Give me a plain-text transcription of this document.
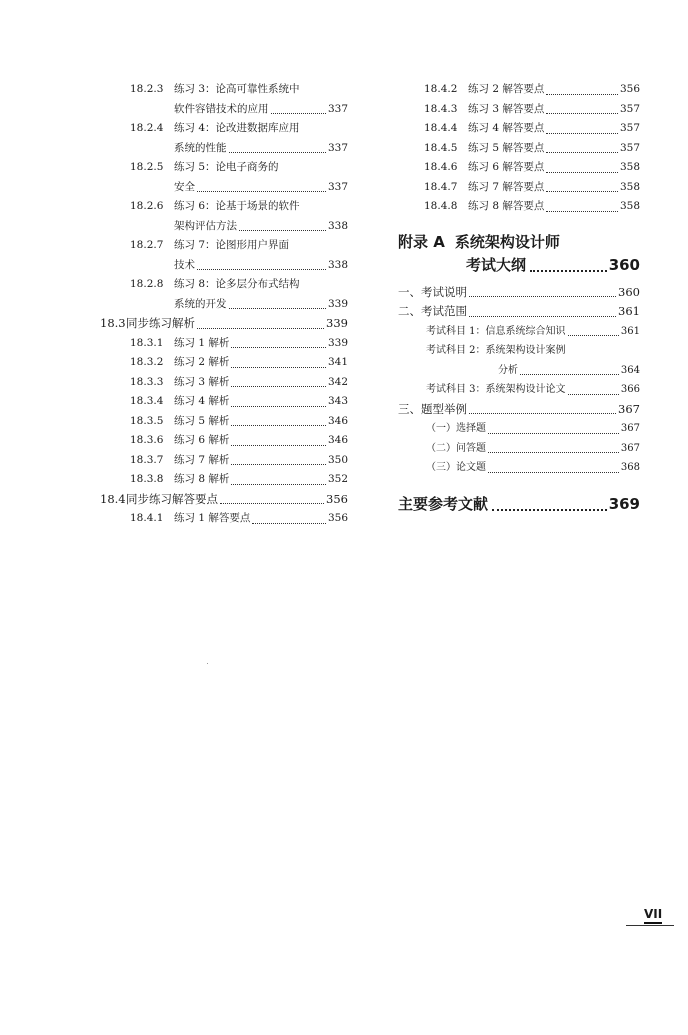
18.2.3 练习 3：论高可靠性系统中
软件容错技术的应用	337
18.2.4 练习 4：论改进数据库应用
系统的性能	337
18.2.5 练习 5：论电子商务的
安全	337
18.2.6 练习 6：论基于场景的软件
架构评估方法	338
18.2.7 练习 7：论图形用户界面
技术	338
18.2.8 练习 8：论多层分布式结构
系统的开发	339
18.3 同步练习解析	339
18.3.1 练习 1 解析	339
18.3.2 练习 2 解析	341
18.3.3 练习 3 解析	342
18.3.4 练习 4 解析	343
18.3.5 练习 5 解析	346
18.3.6 练习 6 解析	346
18.3.7 练习 7 解析	350
18.3.8 练习 8 解析	352
18.4 同步练习解答要点	356
18.4.1 练习 1 解答要点	356
18.4.2 练习 2 解答要点	356
18.4.3 练习 3 解答要点	357
18.4.4 练习 4 解答要点	357
18.4.5 练习 5 解答要点	357
18.4.6 练习 6 解答要点	358
18.4.7 练习 7 解答要点	358
18.4.8 练习 8 解答要点	358
附录 A 系统架构设计师
考试大纲	360
一、考试说明	360
二、考试范围	361
考试科目 1：信息系统综合知识	361
考试科目 2：系统架构设计案例
分析	364
考试科目 3：系统架构设计论文	366
三、题型举例	367
（一）选择题	367
（二）问答题	367
（三）论文题	368
主要参考文献	369
VII
